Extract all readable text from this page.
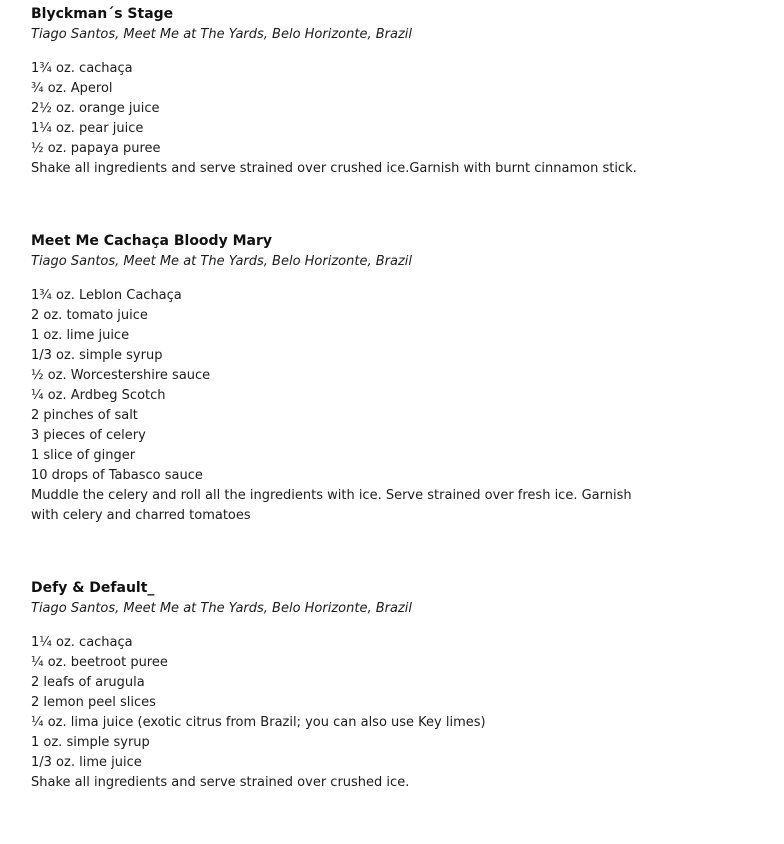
Blyckman´s Stage

Tiago Santos, Meet Me at The Yards, Belo Horizonte, Brazil

1¾ oz. cachaça
¾ oz. Aperol
2½ oz. orange juice
1¼ oz. pear juice
½ oz. papaya puree

Shake all ingredients and serve strained over crushed ice.Garnish with burnt cinnamon stick.

Meet Me Cachaça Bloody Mary

Tiago Santos, Meet Me at The Yards, Belo Horizonte, Brazil

1¾ oz. Leblon Cachaça
2 oz. tomato juice
1 oz. lime juice
1/3 oz. simple syrup
½ oz. Worcestershire sauce
¼ oz. Ardbeg Scotch
2 pinches of salt
3 pieces of celery
1 slice of ginger
10 drops of Tabasco sauce

Muddle the celery and roll all the ingredients with ice. Serve strained over fresh ice. Garnish with celery and charred tomatoes

Defy & Default_

Tiago Santos, Meet Me at The Yards, Belo Horizonte, Brazil

1¼ oz. cachaça
¼ oz. beetroot puree
2 leafs of arugula
2 lemon peel slices
¼ oz. lima juice (exotic citrus from Brazil; you can also use Key limes)
1 oz. simple syrup
1/3 oz. lime juice

Shake all ingredients and serve strained over crushed ice.
